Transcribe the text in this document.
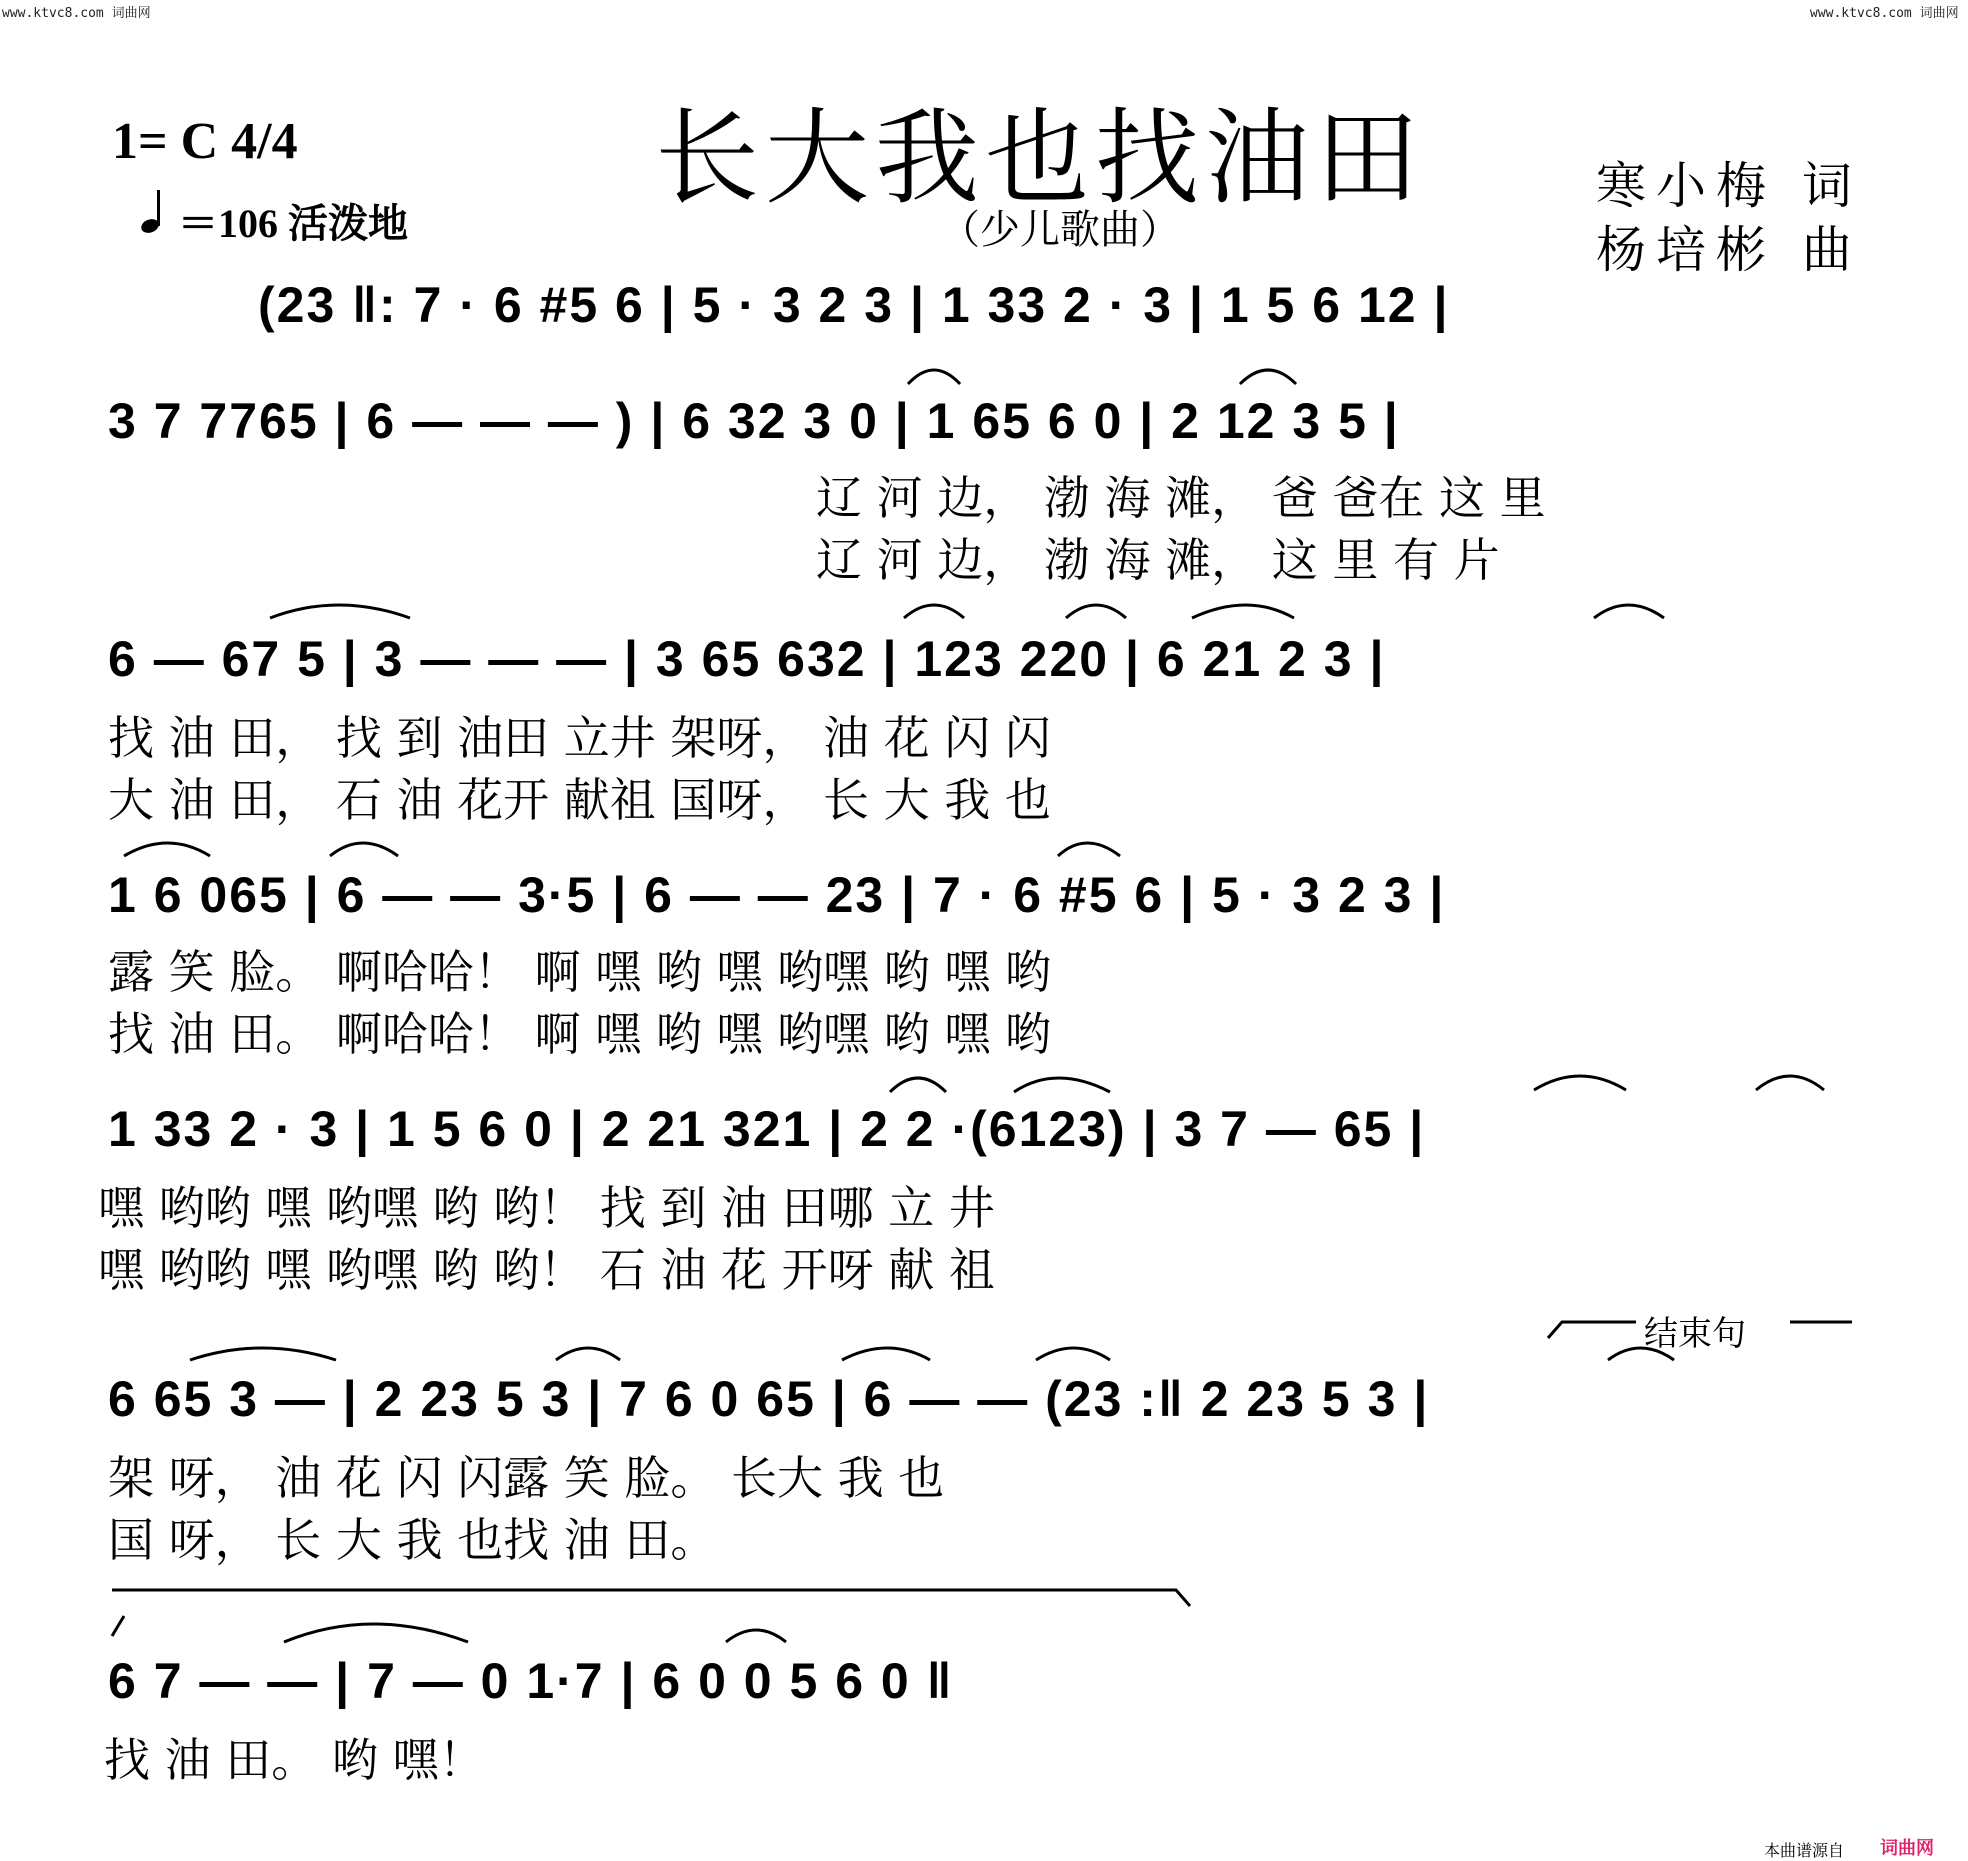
www.ktvc8.com 词曲网	www.ktvc8.com 词曲网
长大我也找油田
（少儿歌曲）
1= C 4/4
＝106 活泼地
寒小梅 词
杨培彬 曲
(23 ‖: 7 · 6 #5 6 | 5 · 3 2 3 | 1 33 2 · 3 | 1 5 6 12 |
3 7 7765 | 6 — — — ) | 6 32 3 0 | 1 65 6 0 | 2 12 3 5 |
辽 河 边， 渤 海 滩， 爸 爸在 这 里
辽 河 边， 渤 海 滩， 这 里 有 片
6 — 67 5 | 3 — — — | 3 65 632 | 123 220 | 6 21 2 3 |
找 油 田， 找 到 油田 立井 架呀， 油 花 闪 闪
大 油 田， 石 油 花开 献祖 国呀， 长 大 我 也
1 6 065 | 6 — — 3·5 | 6 — — 23 | 7 · 6 #5 6 | 5 · 3 2 3 |
露 笑 脸。 啊哈哈！ 啊 嘿 哟 嘿 哟嘿 哟 嘿 哟
找 油 田。 啊哈哈！ 啊 嘿 哟 嘿 哟嘿 哟 嘿 哟
1 33 2 · 3 | 1 5 6 0 | 2 21 321 | 2 2 ·(6123) | 3 7 — 65 |
嘿 哟哟 嘿 哟嘿 哟 哟！ 找 到 油 田哪 立 井
嘿 哟哟 嘿 哟嘿 哟 哟！ 石 油 花 开呀 献 祖
结束句
6 65 3 — | 2 23 5 3 | 7 6 0 65 | 6 — — (23 :‖ 2 23 5 3 |
架 呀， 油 花 闪 闪露 笑 脸。 长大 我 也
国 呀， 长 大 我 也找 油 田。
6 7 — — | 7 — 0 1·7 | 6 0 0 5 6 0 ‖
找 油 田。 哟 嘿！
本曲谱源自 词曲网
